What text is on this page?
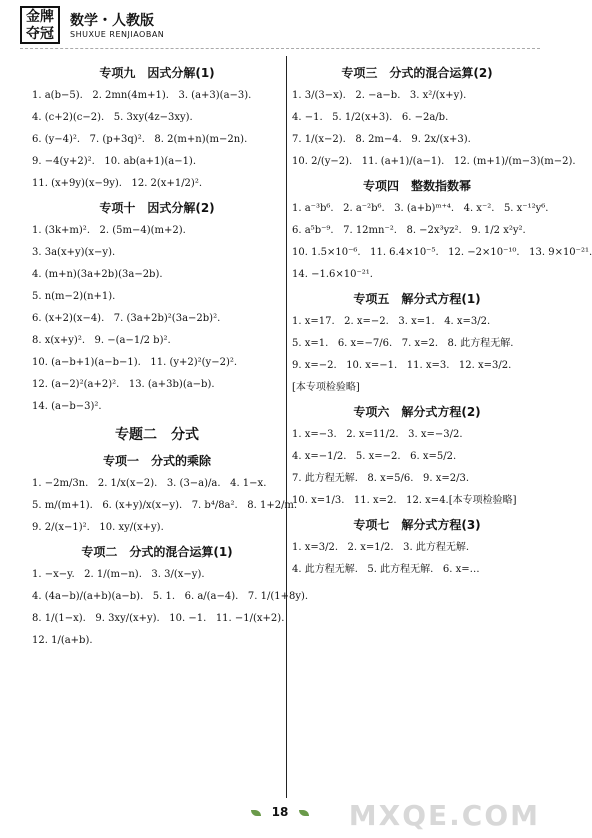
金牌
夺冠
数学・人教版
SHUXUE RENJIAOBAN
专项九　因式分解(1)
1. a(b−5).   2. 2mn(4m+1).   3. (a+3)(a−3).
4. (c+2)(c−2).   5. 3xy(4z−3xy).
6. (y−4)².   7. (p+3q)².   8. 2(m+n)(m−2n).
9. −4(y+2)².   10. ab(a+1)(a−1).
11. (x+9y)(x−9y).   12. 2(x+1/2)².
专项十　因式分解(2)
1. (3k+m)².   2. (5m−4)(m+2).
3. 3a(x+y)(x−y).
4. (m+n)(3a+2b)(3a−2b).
5. n(m−2)(n+1).
6. (x+2)(x−4).   7. (3a+2b)²(3a−2b)².
8. x(x+y)².   9. −(a−1/2 b)².
10. (a−b+1)(a−b−1).   11. (y+2)²(y−2)².
12. (a−2)²(a+2)².   13. (a+3b)(a−b).
14. (a−b−3)².
专题二　分式
专项一　分式的乘除
1. −2m/3n.   2. 1/x(x−2).   3. (3−a)/a.   4. 1−x.
5. m/(m+1).   6. (x+y)/x(x−y).   7. b⁴/8a².   8. 1+2/m.
9. 2/(x−1)².   10. xy/(x+y).
专项二　分式的混合运算(1)
1. −x−y.   2. 1/(m−n).   3. 3/(x−y).
4. (4a−b)/(a+b)(a−b).   5. 1.   6. a/(a−4).   7. 1/(1+8y).
8. 1/(1−x).   9. 3xy/(x+y).   10. −1.   11. −1/(x+2).
12. 1/(a+b).
专项三　分式的混合运算(2)
1. 3/(3−x).   2. −a−b.   3. x²/(x+y).
4. −1.   5. 1/2(x+3).   6. −2a/b.
7. 1/(x−2).   8. 2m−4.   9. 2x/(x+3).
10. 2/(y−2).   11. (a+1)/(a−1).   12. (m+1)/(m−3)(m−2).
专项四　整数指数幂
1. a⁻³b⁶.   2. a⁻²b⁶.   3. (a+b)ᵐ⁺⁴.   4. x⁻².   5. x⁻¹²y⁶.
6. a⁵b⁻⁹.   7. 12mn⁻².   8. −2x³yz².   9. 1/2 x²y².
10. 1.5×10⁻⁶.   11. 6.4×10⁻⁵.   12. −2×10⁻¹⁰.   13. 9×10⁻²¹.
14. −1.6×10⁻²¹.
专项五　解分式方程(1)
1. x=17.   2. x=−2.   3. x=1.   4. x=3/2.
5. x=1.   6. x=−7/6.   7. x=2.   8. 此方程无解.
9. x=−2.   10. x=−1.   11. x=3.   12. x=3/2.
[本专项检验略]
专项六　解分式方程(2)
1. x=−3.   2. x=11/2.   3. x=−3/2.
4. x=−1/2.   5. x=−2.   6. x=5/2.
7. 此方程无解.   8. x=5/6.   9. x=2/3.
10. x=1/3.   11. x=2.   12. x=4.[本专项检验略]
专项七　解分式方程(3)
1. x=3/2.   2. x=1/2.   3. 此方程无解.
4. 此方程无解.   5. 此方程无解.   6. x=…
18	MXQE.COM
